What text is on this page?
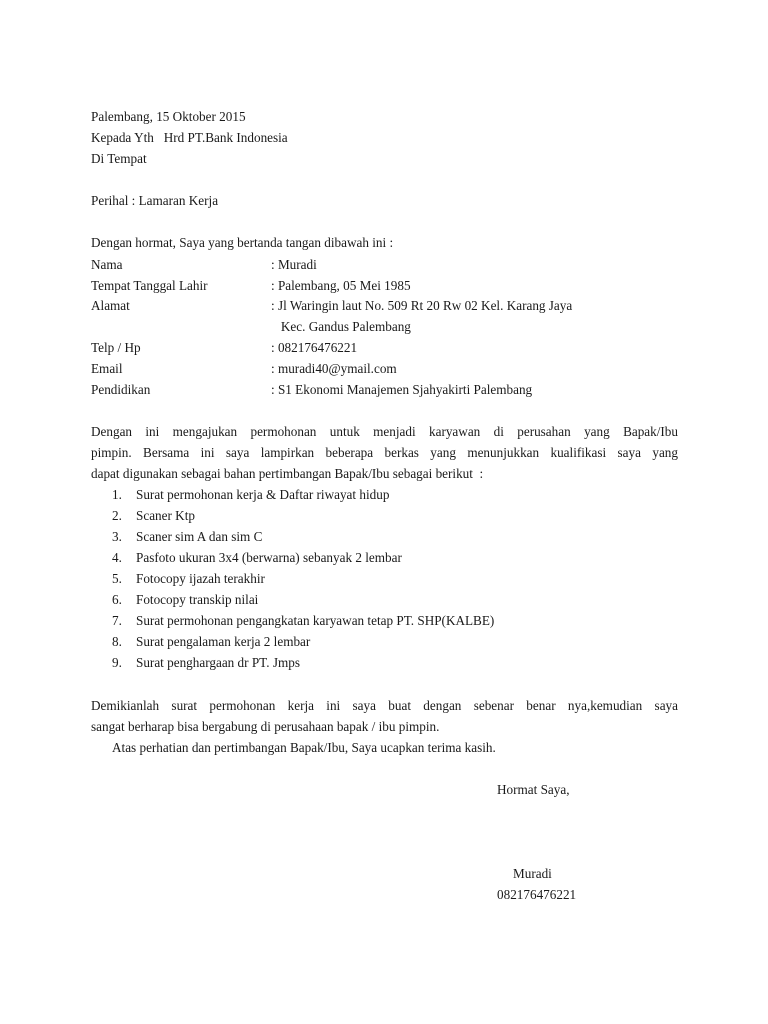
Palembang, 15 Oktober 2015
Kepada Yth   Hrd PT.Bank Indonesia
Di Tempat
Perihal : Lamaran Kerja
Dengan hormat, Saya yang bertanda tangan dibawah ini :
Nama	: Muradi
Tempat Tanggal Lahir	: Palembang, 05 Mei 1985
Alamat	: Jl Waringin laut No. 509 Rt 20 Rw 02 Kel. Karang Jaya
Kec. Gandus Palembang
Telp / Hp	: 082176476221
Email	: muradi40@ymail.com
Pendidikan	: S1 Ekonomi Manajemen Sjahyakirti Palembang
Dengan ini mengajukan permohonan untuk menjadi karyawan di perusahan yang Bapak/Ibu
pimpin. Bersama ini saya lampirkan beberapa berkas yang menunjukkan kualifikasi saya yang
dapat digunakan sebagai bahan pertimbangan Bapak/Ibu sebagai berikut  :
1. Surat permohonan kerja & Daftar riwayat hidup
2. Scaner Ktp
3. Scaner sim A dan sim C
4. Pasfoto ukuran 3x4 (berwarna) sebanyak 2 lembar
5. Fotocopy ijazah terakhir
6. Fotocopy transkip nilai
7. Surat permohonan pengangkatan karyawan tetap PT. SHP(KALBE)
8. Surat pengalaman kerja 2 lembar
9. Surat penghargaan dr PT. Jmps
Demikianlah surat permohonan kerja ini saya buat dengan sebenar benar nya,kemudian saya
sangat berharap bisa bergabung di perusahaan bapak / ibu pimpin.
Atas perhatian dan pertimbangan Bapak/Ibu, Saya ucapkan terima kasih.
Hormat Saya,
Muradi
082176476221
